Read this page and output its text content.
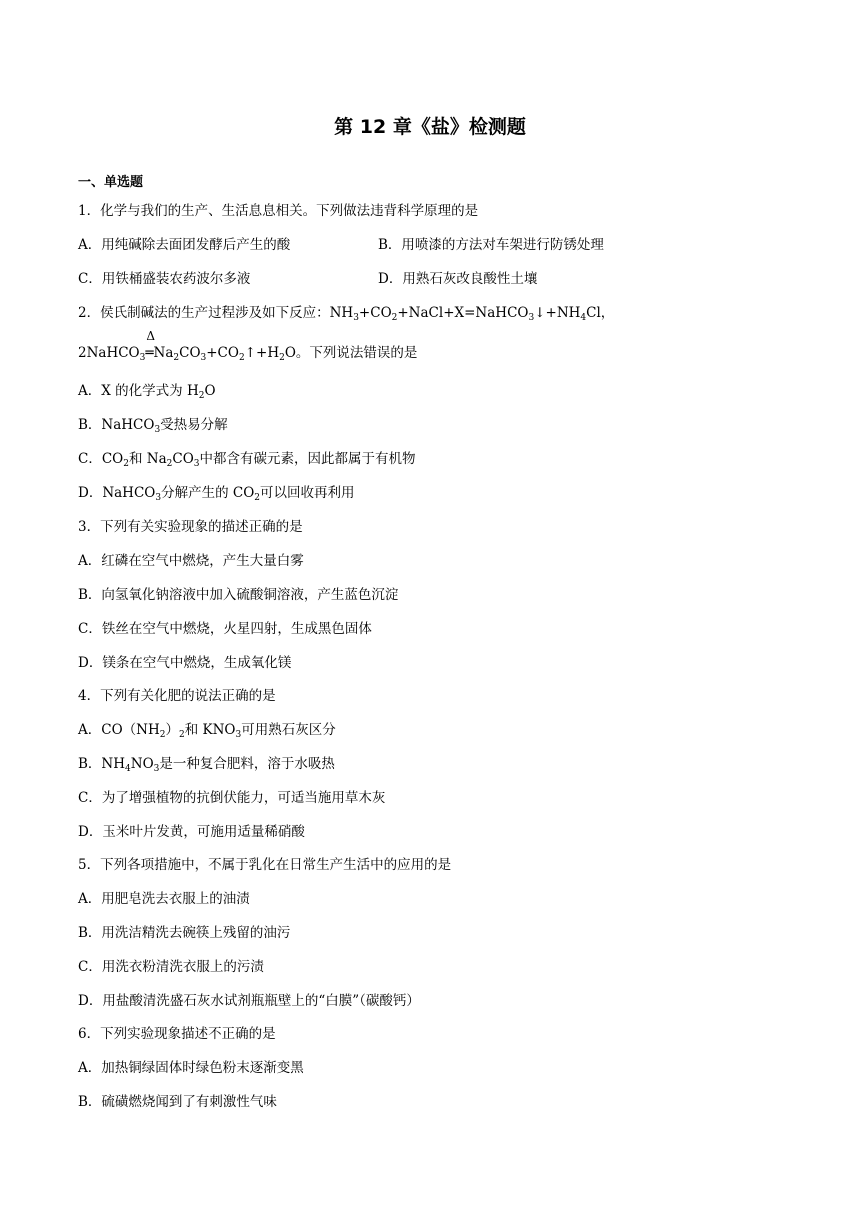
第 12 章《盐》检测题
一、单选题
1．化学与我们的生产、生活息息相关。下列做法违背科学原理的是
A．用纯碱除去面团发酵后产生的酸	B．用喷漆的方法对车架进行防锈处理
C．用铁桶盛装农药波尔多液	D．用熟石灰改良酸性土壤
2．侯氏制碱法的生产过程涉及如下反应：$NH_3+CO_2+NaCl+X=NaHCO_3↓+NH_4Cl$，
2NaHCO$_3$
Δ
$═Na_2CO_3+CO_2↑+H_2O$。下列说法错误的是
A．X 的化学式为 $H_2O$
B．NaHCO$_3$受热易分解
C．$CO_2$和 $Na_2CO_3$中都含有碳元素，因此都属于有机物
D．NaHCO$_3$分解产生的 $CO_2$可以回收再利用
3．下列有关实验现象的描述正确的是
A．红磷在空气中燃烧，产生大量白雾
B．向氢氧化钠溶液中加入硫酸铜溶液，产生蓝色沉淀
C．铁丝在空气中燃烧，火星四射，生成黑色固体
D．镁条在空气中燃烧，生成氧化镁
4．下列有关化肥的说法正确的是
A．$CO(NH_2)_2$和 $KNO_3$可用熟石灰区分
B．$NH_4NO_3$是一种复合肥料，溶于水吸热
C．为了增强植物的抗倒伏能力，可适当施用草木灰
D．玉米叶片发黄，可施用适量稀硝酸
5．下列各项措施中，不属于乳化在日常生产生活中的应用的是
A．用肥皂洗去衣服上的油渍
B．用洗洁精洗去碗筷上残留的油污
C．用洗衣粉清洗衣服上的污渍
D．用盐酸清洗盛石灰水试剂瓶瓶壁上的“白膜”（碳酸钙）
6．下列实验现象描述不正确的是
A．加热铜绿固体时绿色粉末逐渐变黑
B．硫磺燃烧闻到了有刺激性气味
